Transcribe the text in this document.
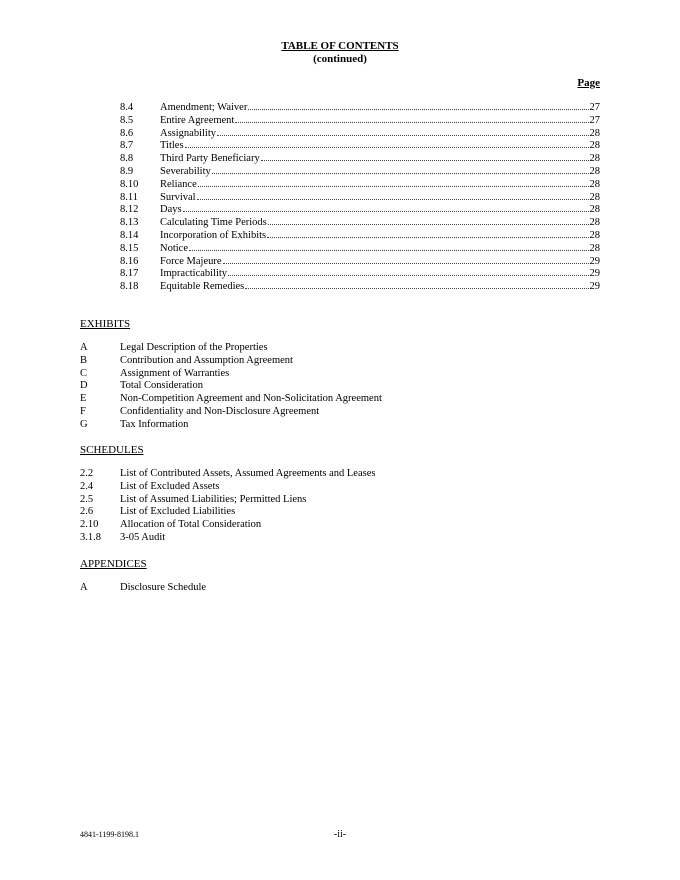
TABLE OF CONTENTS
(continued)
Page
8.4	Amendment; Waiver	27
8.5	Entire Agreement	27
8.6	Assignability	28
8.7	Titles	28
8.8	Third Party Beneficiary	28
8.9	Severability	28
8.10	Reliance	28
8.11	Survival	28
8.12	Days	28
8.13	Calculating Time Periods	28
8.14	Incorporation of Exhibits	28
8.15	Notice	28
8.16	Force Majeure	29
8.17	Impracticability	29
8.18	Equitable Remedies	29
EXHIBITS
A	Legal Description of the Properties
B	Contribution and Assumption Agreement
C	Assignment of Warranties
D	Total Consideration
E	Non-Competition Agreement and Non-Solicitation Agreement
F	Confidentiality and Non-Disclosure Agreement
G	Tax Information
SCHEDULES
2.2	List of Contributed Assets, Assumed Agreements and Leases
2.4	List of Excluded Assets
2.5	List of Assumed Liabilities; Permitted Liens
2.6	List of Excluded Liabilities
2.10	Allocation of Total Consideration
3.1.8	3-05 Audit
APPENDICES
A	Disclosure Schedule
4841-1199-8198.1	-ii-
